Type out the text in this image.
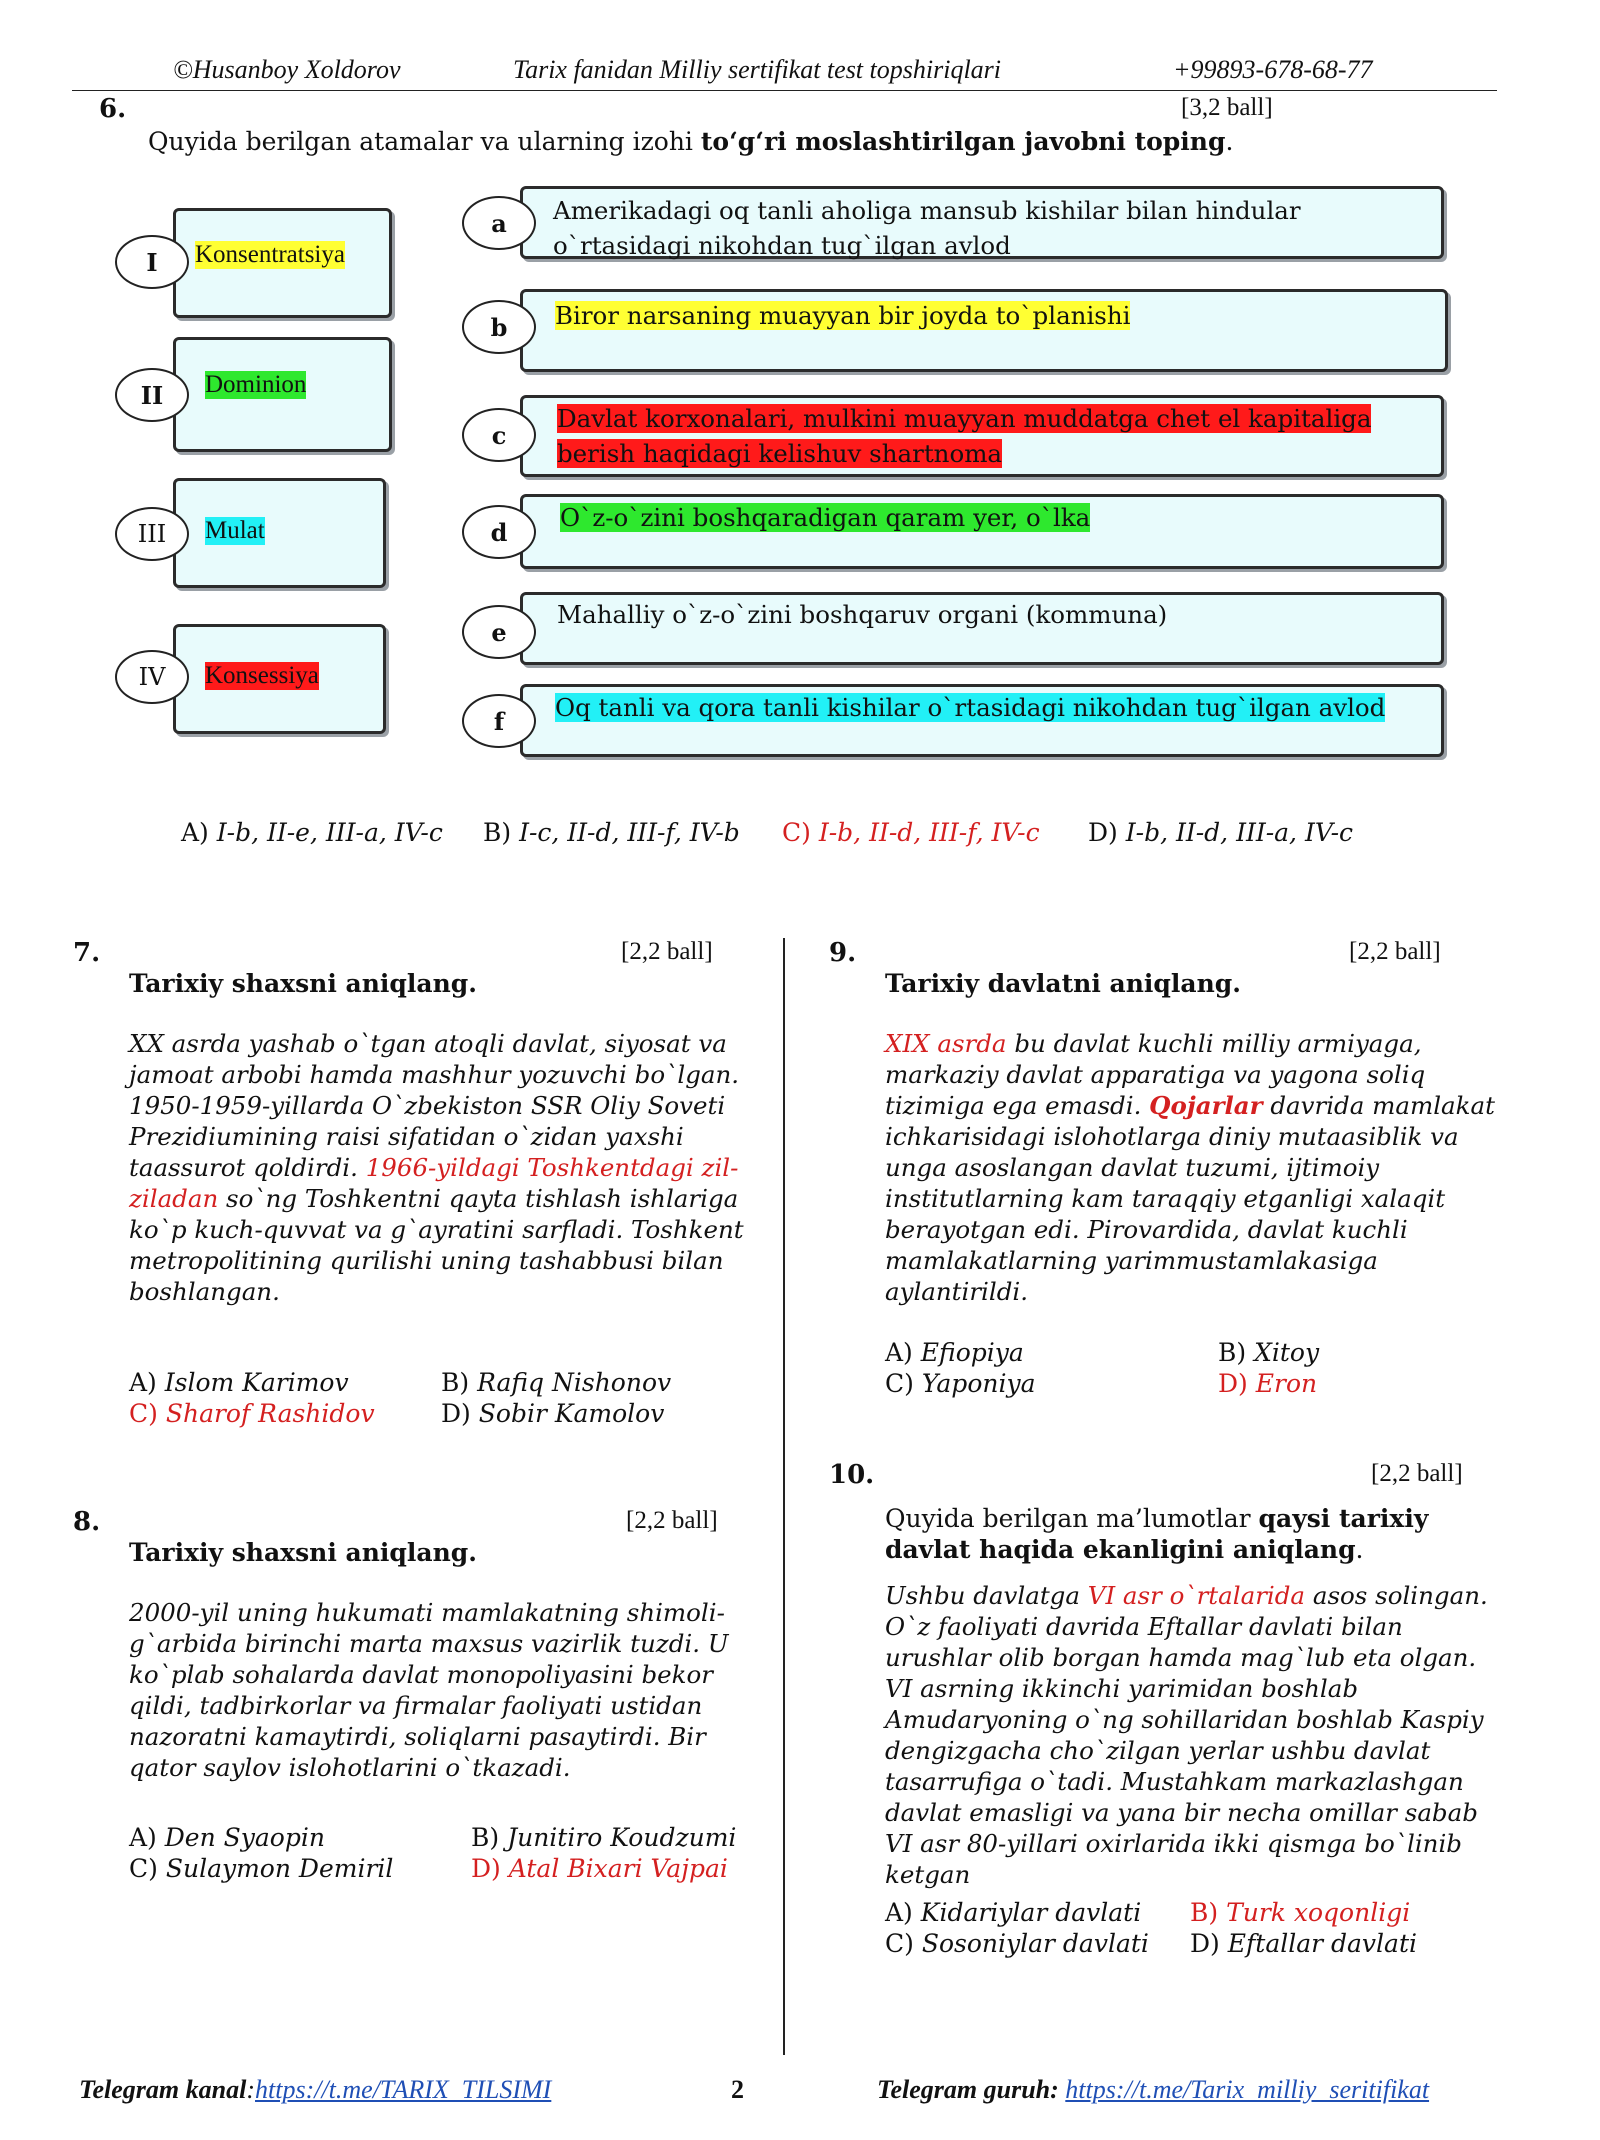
©Husanboy Xoldorov	Tarix fanidan Milliy sertifikat test topshiriqlari	+99893-678-68-77
6.	[3,2 ball]
Quyida berilgan atamalar va ularning izohi to‘g‘ri moslashtirilgan javobni toping.
Konsentratsiya
I
Dominion
II
Mulat
III
Konsessiya
IV
Amerikadagi oq tanli aholiga mansub kishilar bilan hindular o`rtasidagi nikohdan tug`ilgan avlod
a
Biror narsaning muayyan bir joyda to`planishi
b
Davlat korxonalari, mulkini muayyan muddatga chet el kapitaliga
berish haqidagi kelishuv shartnoma
c
O`z-o`zini boshqaradigan qaram yer, o`lka
d
Mahalliy o`z-o`zini boshqaruv organi (kommuna)
e
Oq tanli va qora tanli kishilar o`rtasidagi nikohdan tug`ilgan avlod
f
A) I-b, II-e, III-a, IV-c B) I-c, II-d, III-f, IV-b C) I-b, II-d, III-f, IV-c D) I-b, II-d, III-a, IV-c
7.	[2,2 ball]
Tarixiy shaxsni aniqlang.
XX asrda yashab o`tgan atoqli davlat, siyosat va
jamoat arbobi hamda mashhur yozuvchi bo`lgan.
1950-1959-yillarda O`zbekiston SSR Oliy Soveti
Prezidiumining raisi sifatidan o`zidan yaxshi
taassurot qoldirdi. 1966-yildagi Toshkentdagi zil-
ziladan so`ng Toshkentni qayta tishlash ishlariga
ko`p kuch-quvvat va g`ayratini sarfladi. Toshkent
metropolitining qurilishi uning tashabbusi bilan
boshlangan.
A) Islom Karimov	B) Rafiq Nishonov
C) Sharof Rashidov	D) Sobir Kamolov
8.	[2,2 ball]
Tarixiy shaxsni aniqlang.
2000-yil uning hukumati mamlakatning shimoli-
g`arbida birinchi marta maxsus vazirlik tuzdi. U
ko`plab sohalarda davlat monopoliyasini bekor
qildi, tadbirkorlar va firmalar faoliyati ustidan
nazoratni kamaytirdi, soliqlarni pasaytirdi. Bir
qator saylov islohotlarini o`tkazadi.
A) Den Syaopin	B) Junitiro Koudzumi
C) Sulaymon Demiril	D) Atal Bixari Vajpai
9.	[2,2 ball]
Tarixiy davlatni aniqlang.
XIX asrda bu davlat kuchli milliy armiyaga,
markaziy davlat apparatiga va yagona soliq
tizimiga ega emasdi. Qojarlar davrida mamlakat
ichkarisidagi islohotlarga diniy mutaasiblik va
unga asoslangan davlat tuzumi, ijtimoiy
institutlarning kam taraqqiy etganligi xalaqit
berayotgan edi. Pirovardida, davlat kuchli
mamlakatlarning yarimmustamlakasiga
aylantirildi.
A) Efiopiya	B) Xitoy
C) Yaponiya	D) Eron
10.	[2,2 ball]
Quyida berilgan ma’lumotlar qaysi tarixiy
davlat haqida ekanligini aniqlang.
Ushbu davlatga VI asr o`rtalarida asos solingan.
O`z faoliyati davrida Eftallar davlati bilan
urushlar olib borgan hamda mag`lub eta olgan.
VI asrning ikkinchi yarimidan boshlab
Amudaryoning o`ng sohillaridan boshlab Kaspiy
dengizgacha cho`zilgan yerlar ushbu davlat
tasarrufiga o`tadi. Mustahkam markazlashgan
davlat emasligi va yana bir necha omillar sabab
VI asr 80-yillari oxirlarida ikki qismga bo`linib
ketgan
A) Kidariylar davlati B) Turk xoqonligi
C) Sosoniylar davlati D) Eftallar davlati
Telegram kanal:https://t.me/TARIX_TILSIMI	2	Telegram guruh: https://t.me/Tarix_milliy_seritifikat
